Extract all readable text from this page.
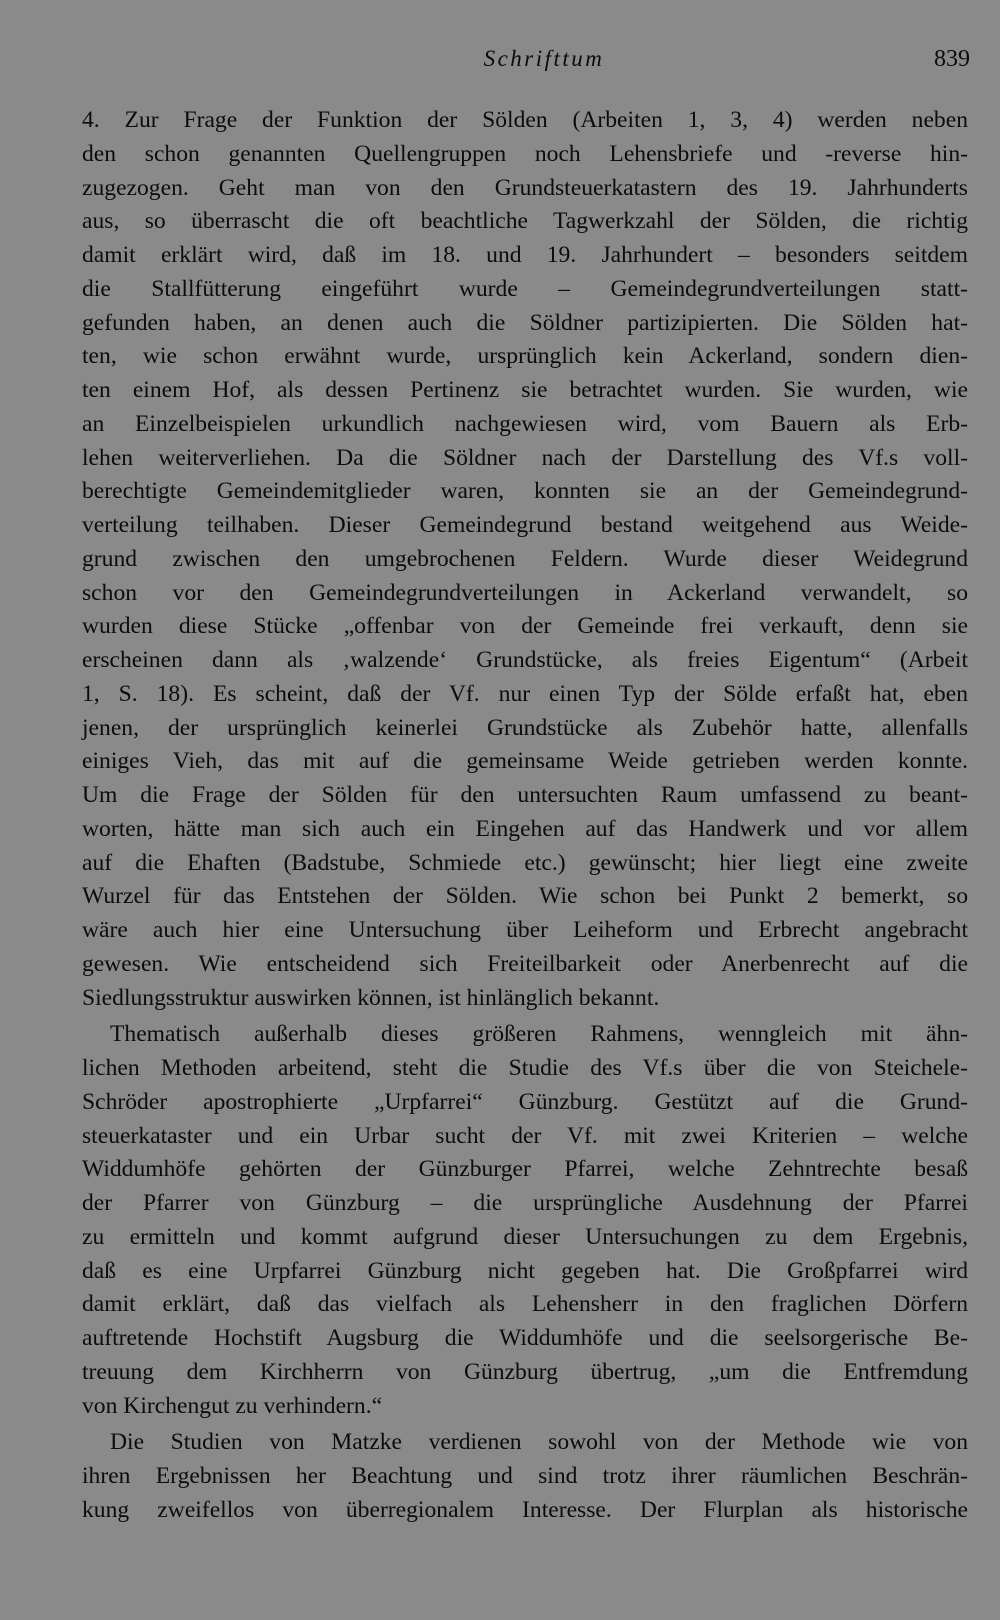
Schrifttum	839
4. Zur Frage der Funktion der Sölden (Arbeiten 1, 3, 4) werden neben
den schon genannten Quellengruppen noch Lehensbriefe und -reverse hin-
zugezogen. Geht man von den Grundsteuerkatastern des 19. Jahrhunderts
aus, so überrascht die oft beachtliche Tagwerkzahl der Sölden, die richtig
damit erklärt wird, daß im 18. und 19. Jahrhundert – besonders seitdem
die Stallfütterung eingeführt wurde – Gemeindegrundverteilungen statt-
gefunden haben, an denen auch die Söldner partizipierten. Die Sölden hat-
ten, wie schon erwähnt wurde, ursprünglich kein Ackerland, sondern dien-
ten einem Hof, als dessen Pertinenz sie betrachtet wurden. Sie wurden, wie
an Einzelbeispielen urkundlich nachgewiesen wird, vom Bauern als Erb-
lehen weiterverliehen. Da die Söldner nach der Darstellung des Vf.s voll-
berechtigte Gemeindemitglieder waren, konnten sie an der Gemeindegrund-
verteilung teilhaben. Dieser Gemeindegrund bestand weitgehend aus Weide-
grund zwischen den umgebrochenen Feldern. Wurde dieser Weidegrund
schon vor den Gemeindegrundverteilungen in Ackerland verwandelt, so
wurden diese Stücke „offenbar von der Gemeinde frei verkauft, denn sie
erscheinen dann als ‚walzende‘ Grundstücke, als freies Eigentum“ (Arbeit
1, S. 18). Es scheint, daß der Vf. nur einen Typ der Sölde erfaßt hat, eben
jenen, der ursprünglich keinerlei Grundstücke als Zubehör hatte, allenfalls
einiges Vieh, das mit auf die gemeinsame Weide getrieben werden konnte.
Um die Frage der Sölden für den untersuchten Raum umfassend zu beant-
worten, hätte man sich auch ein Eingehen auf das Handwerk und vor allem
auf die Ehaften (Badstube, Schmiede etc.) gewünscht; hier liegt eine zweite
Wurzel für das Entstehen der Sölden. Wie schon bei Punkt 2 bemerkt, so
wäre auch hier eine Untersuchung über Leiheform und Erbrecht angebracht
gewesen. Wie entscheidend sich Freiteilbarkeit oder Anerbenrecht auf die
Siedlungsstruktur auswirken können, ist hinlänglich bekannt.
Thematisch außerhalb dieses größeren Rahmens, wenngleich mit ähn-
lichen Methoden arbeitend, steht die Studie des Vf.s über die von Steichele-
Schröder apostrophierte „Urpfarrei“ Günzburg. Gestützt auf die Grund-
steuerkataster und ein Urbar sucht der Vf. mit zwei Kriterien – welche
Widdumhöfe gehörten der Günzburger Pfarrei, welche Zehntrechte besaß
der Pfarrer von Günzburg – die ursprüngliche Ausdehnung der Pfarrei
zu ermitteln und kommt aufgrund dieser Untersuchungen zu dem Ergebnis,
daß es eine Urpfarrei Günzburg nicht gegeben hat. Die Großpfarrei wird
damit erklärt, daß das vielfach als Lehensherr in den fraglichen Dörfern
auftretende Hochstift Augsburg die Widdumhöfe und die seelsorgerische Be-
treuung dem Kirchherrn von Günzburg übertrug, „um die Entfremdung
von Kirchengut zu verhindern.“
Die Studien von Matzke verdienen sowohl von der Methode wie von
ihren Ergebnissen her Beachtung und sind trotz ihrer räumlichen Beschrän-
kung zweifellos von überregionalem Interesse. Der Flurplan als historische
